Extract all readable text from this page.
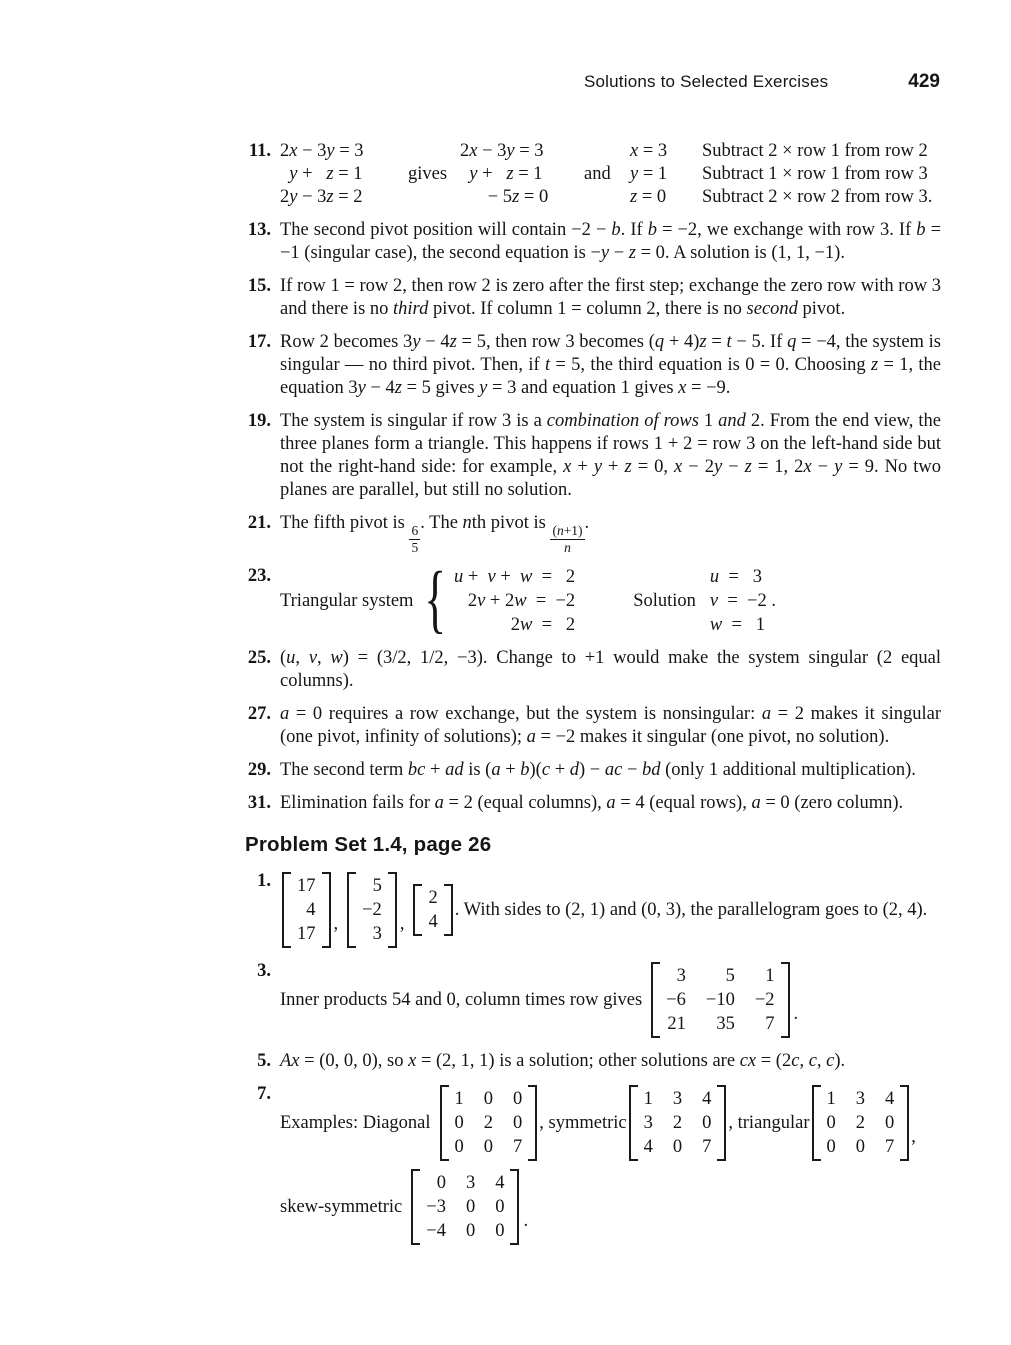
Solutions to Selected Exercises	429
11. 2x − 3y = 3	2x − 3y = 3	x = 3	Subtract 2 × row 1 from row 2
y +   z = 1	gives	y +   z = 1	and	y = 1	Subtract 1 × row 1 from row 3
2y − 3z = 2	− 5z = 0	z = 0	Subtract 2 × row 2 from row 3.
13. The second pivot position will contain −2 − b. If b = −2, we exchange with row 3. If b = −1 (singular case), the second equation is −y − z = 0. A solution is (1, 1, −1).
15. If row 1 = row 2, then row 2 is zero after the first step; exchange the zero row with row 3 and there is no third pivot. If column 1 = column 2, there is no second pivot.
17. Row 2 becomes 3y − 4z = 5, then row 3 becomes (q + 4)z = t − 5. If q = −4, the system is singular — no third pivot. Then, if t = 5, the third equation is 0 = 0. Choosing z = 1, the equation 3y − 4z = 5 gives y = 3 and equation 1 gives x = −9.
19. The system is singular if row 3 is a combination of rows 1 and 2. From the end view, the three planes form a triangle. This happens if rows 1 + 2 = row 3 on the left-hand side but not the right-hand side: for example, x + y + z = 0, x − 2y − z = 1, 2x − y = 9. No two planes are parallel, but still no solution.
21. The fifth pivot is
$\frac{6}{5}$
. The nth pivot is
$\frac{(n+1)}{n}$
.
23.
Triangular system { u +  v +  w  =   2
2v + 2w  =  −2
2w  =   2
Solution
u  =   3
v  =  −2 .
w  =   1
25. (u, v, w) = (3/2, 1/2, −3). Change to +1 would make the system singular (2 equal columns).
27. a = 0 requires a row exchange, but the system is nonsingular: a = 2 makes it singular (one pivot, infinity of solutions); a = −2 makes it singular (one pivot, no solution).
29. The second term bc + ad is (a + b)(c + d) − ac − bd (only 1 additional multiplication).
31. Elimination fails for a = 2 (equal columns), a = 4 (equal rows), a = 0 (zero column).
Problem Set 1.4, page 26
1.	17
4
17 ,
5
−2
3 ,
2
4
. With sides to (2, 1) and (0, 3), the parallelogram goes to (2, 4).
3.
Inner products 54 and 0, column times row gives
3 5 1
−6 −10 −2
21 35 7 .
5. Ax = (0, 0, 0), so x = (2, 1, 1) is a solution; other solutions are cx = (2c, c, c).
7.
Examples: Diagonal
1 0 0
0 2 0
0 0 7
, symmetric
1 3 4
3 2 0
4 0 7
, triangular
1 3 4
0 2 0
0 0 7 ,
skew-symmetric
0 3 4
−3 0 0
−4 0 0 .
